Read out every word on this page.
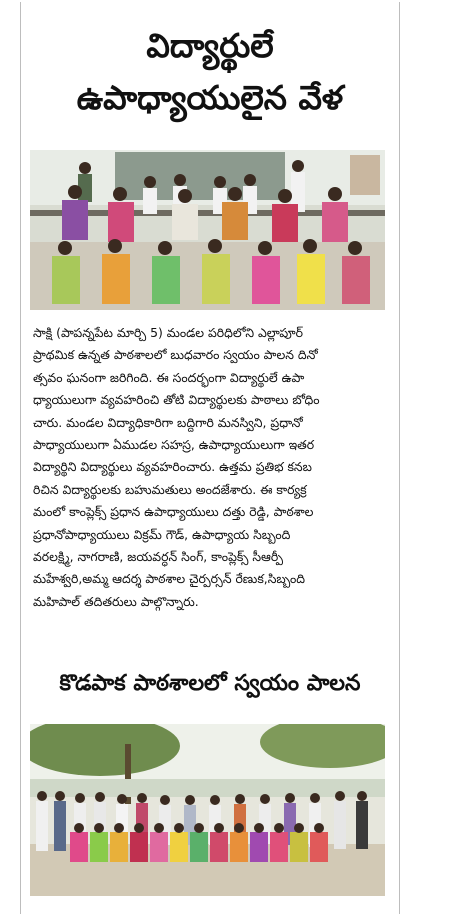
విద్యార్థులే
ఉపాధ్యాయులైన వేళ
సాక్షి (పాపన్నపేట మార్చి 5) మండల పరిధిలోని ఎల్లాపూర్
ప్రాథమిక ఉన్నత పాఠశాలలో బుధవారం స్వయం పాలన దినో
త్సవం ఘనంగా జరిగింది. ఈ సందర్భంగా విద్యార్థులే ఉపా
ధ్యాయులుగా వ్యవహరించి తోటి విద్యార్థులకు పాఠాలు బోధిం
చారు. మండల విద్యాధికారిగా బద్దిగారి మనస్విని, ప్రధానో
పాధ్యాయులుగా ఏముడల సహస్ర, ఉపాధ్యాయులుగా ఇతర
విద్యార్థిని విద్యార్థులు వ్యవహరించారు. ఉత్తమ ప్రతిభ కనబ
రిచిన విద్యార్థులకు బహుమతులు అందజేశారు. ఈ కార్యక్ర
మంలో కాంప్లెక్స్ ప్రధాన ఉపాధ్యాయులు దత్తు రెడ్డి, పాఠశాల
ప్రధానోపాధ్యాయులు విక్రమ్ గౌడ్, ఉపాధ్యాయ సిబ్బంది
వరలక్ష్మి, నాగరాణి, జయవర్ధన్ సింగ్, కాంప్లెక్స్ సీఆర్పీ
మహేశ్వరి,అమ్మ ఆదర్శ పాఠశాల చైర్పర్సన్ రేణుక,సిబ్బంది
మహిపాల్ తదితరులు పాల్గొన్నారు.
కొడపాక పాఠశాలలో స్వయం పాలన
